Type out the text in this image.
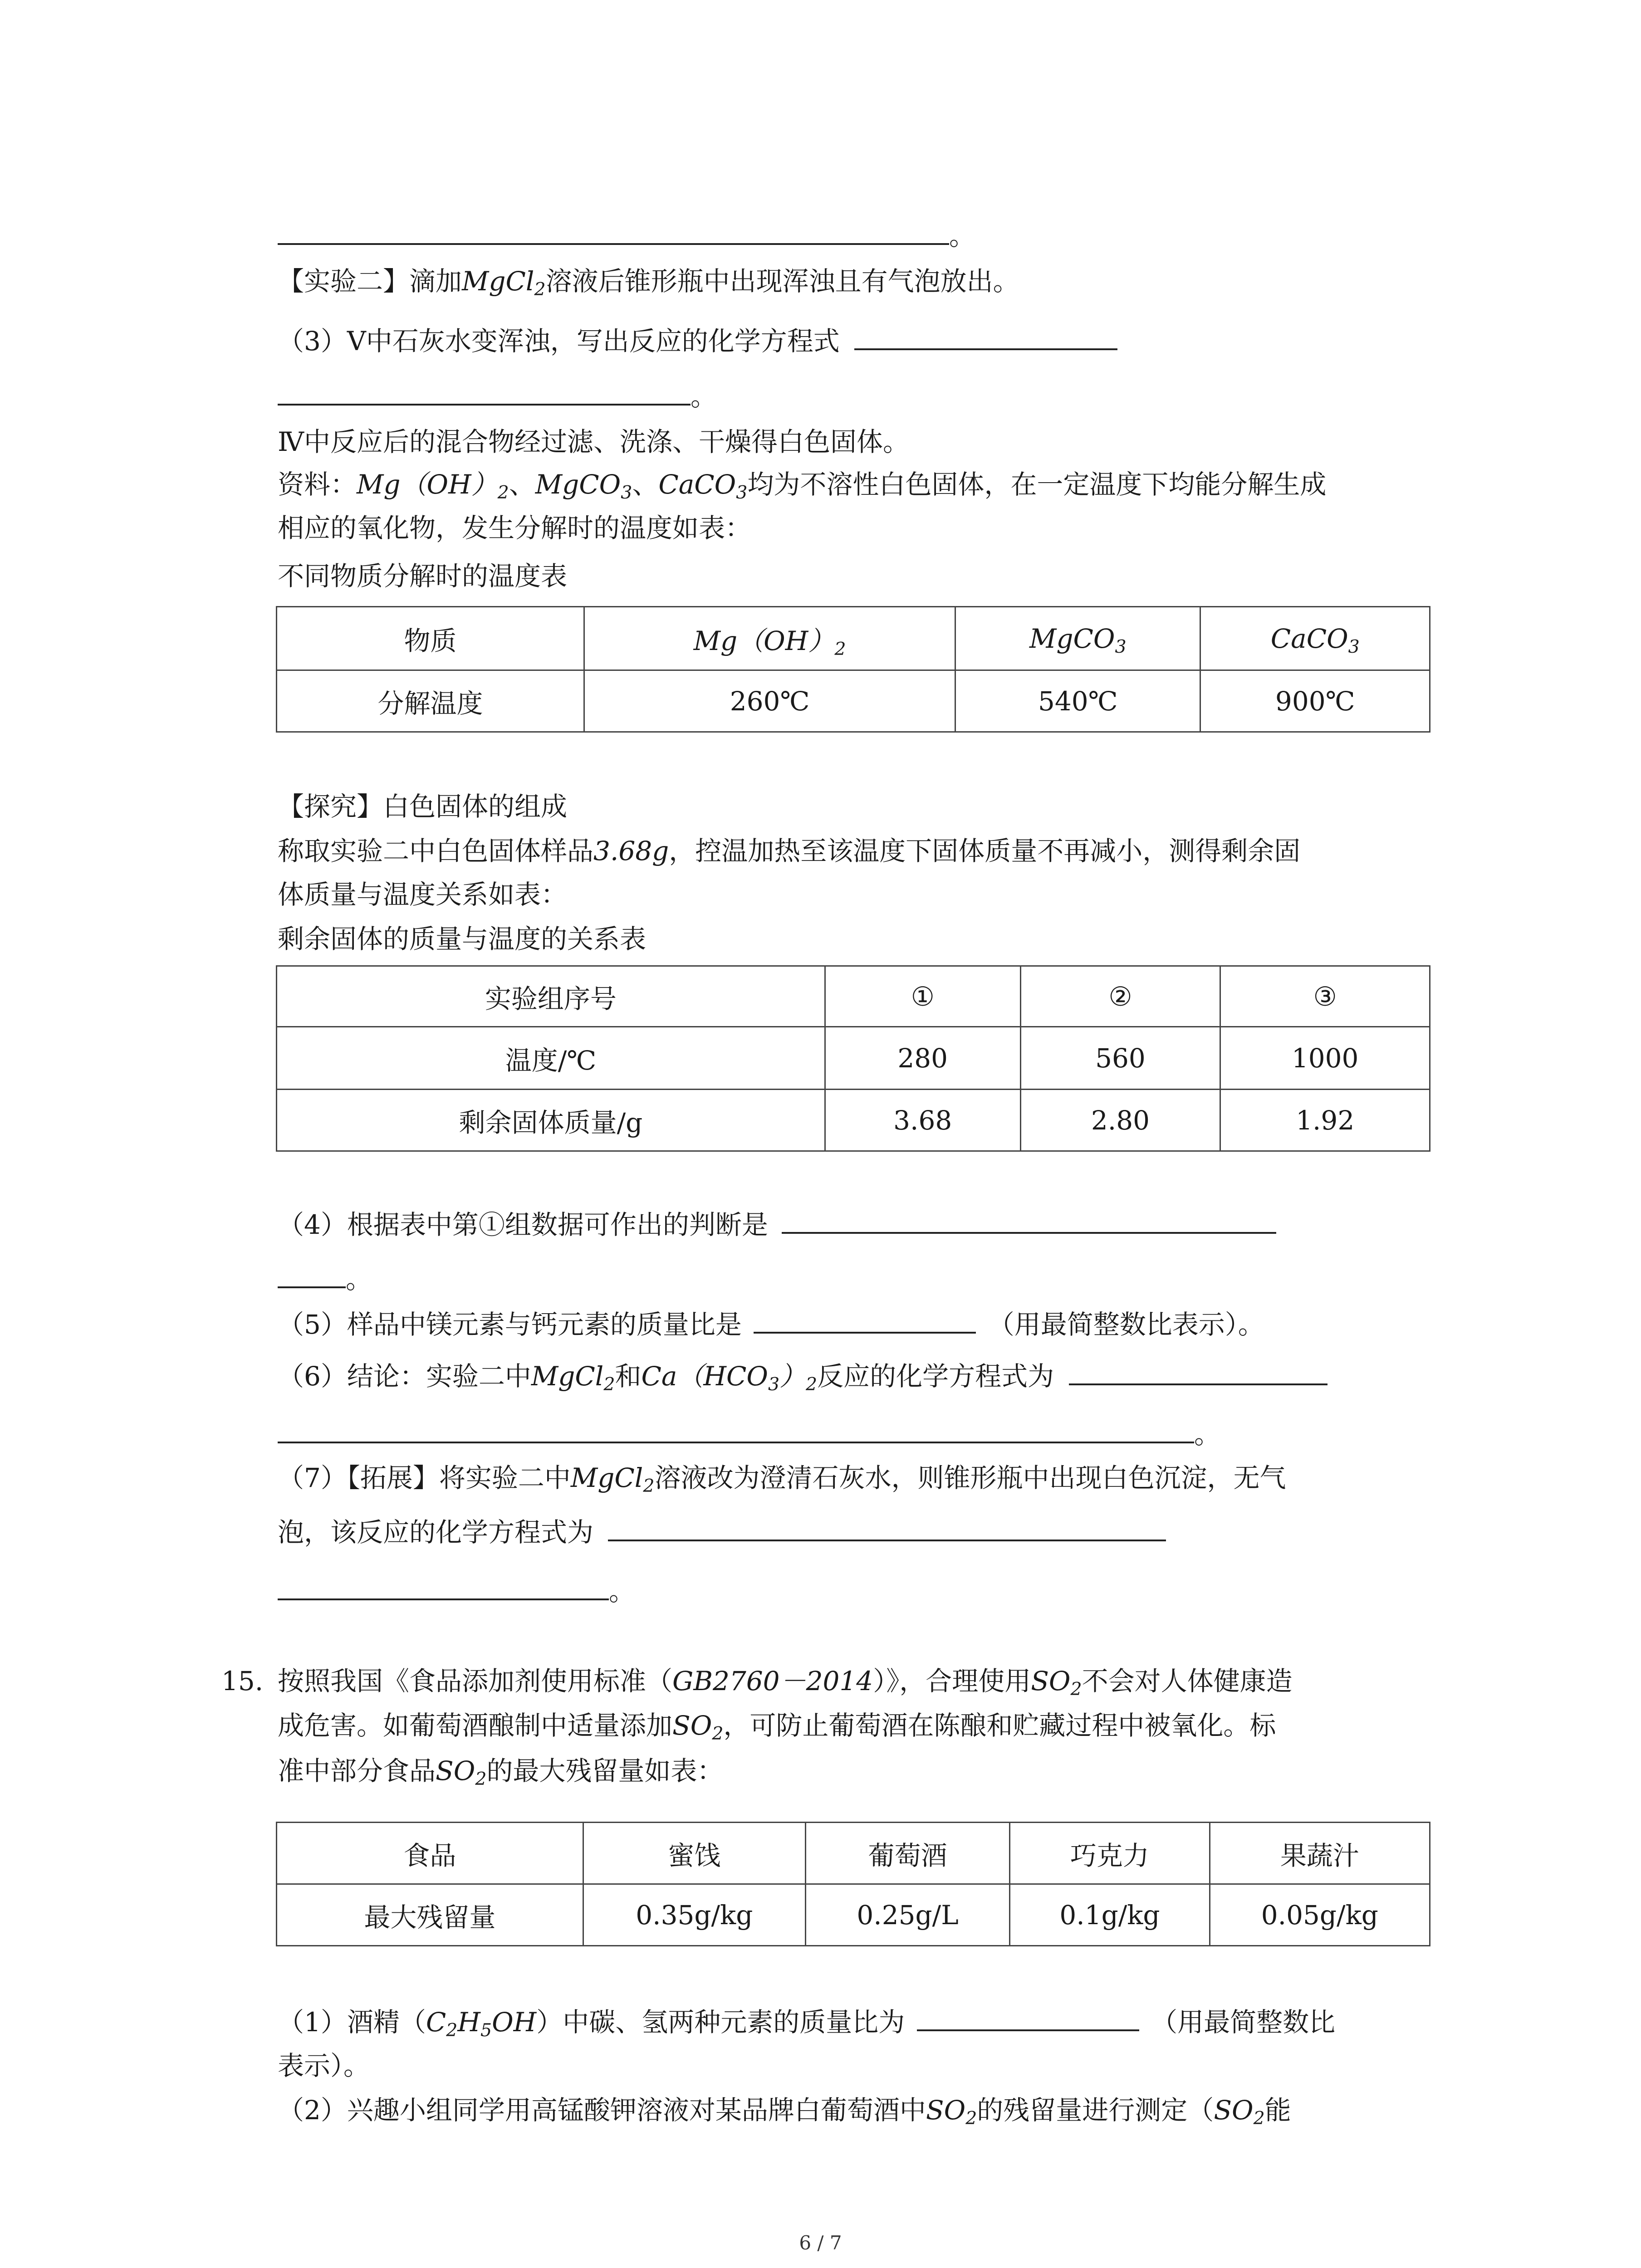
。
【实验二】滴加MgCl$_2$溶液后锥形瓶中出现浑浊且有气泡放出。
（3）Ⅴ中石灰水变浑浊，写出反应的化学方程式
。
Ⅳ中反应后的混合物经过滤、洗涤、干燥得白色固体。
资料：$Mg(OH)_2$、MgCO$_3$、CaCO$_3$均为不溶性白色固体，在一定温度下均能分解生成
相应的氧化物，发生分解时的温度如表：
不同物质分解时的温度表
物质	$Mg(OH)_2$	MgCO$_3$	CaCO$_3$
分解温度	260℃	540℃	900℃
【探究】白色固体的组成
称取实验二中白色固体样品3.68g，控温加热至该温度下固体质量不再减小，测得剩余固
体质量与温度关系如表：
剩余固体的质量与温度的关系表
实验组序号	①	②	③
温度/℃	280	560	1000
剩余固体质量/g	3.68	2.80	1.92
（4）根据表中第①组数据可作出的判断是
。
（5）样品中镁元素与钙元素的质量比是	（用最简整数比表示）。
（6）结论：实验二中MgCl$_2$和$Ca(HCO_3)_2$反应的化学方程式为
。
（7）【拓展】将实验二中MgCl$_2$溶液改为澄清石灰水，则锥形瓶中出现白色沉淀，无气
泡，该反应的化学方程式为
。
15. 按照我国《食品添加剂使用标准（GB2760－2014）》，合理使用$SO_2$不会对人体健康造
成危害。如葡萄酒酿制中适量添加$SO_2$，可防止葡萄酒在陈酿和贮藏过程中被氧化。标
准中部分食品$SO_2$的最大残留量如表：
食品	蜜饯	葡萄酒	巧克力	果蔬汁
最大残留量	0.35g/kg	0.25g/L	0.1g/kg	0.05g/kg
（1）酒精$(C_2H_5OH)$中碳、氢两种元素的质量比为	（用最简整数比
表示）。
（2）兴趣小组同学用高锰酸钾溶液对某品牌白葡萄酒中$SO_2$的残留量进行测定（$SO_2$能
6 / 7
